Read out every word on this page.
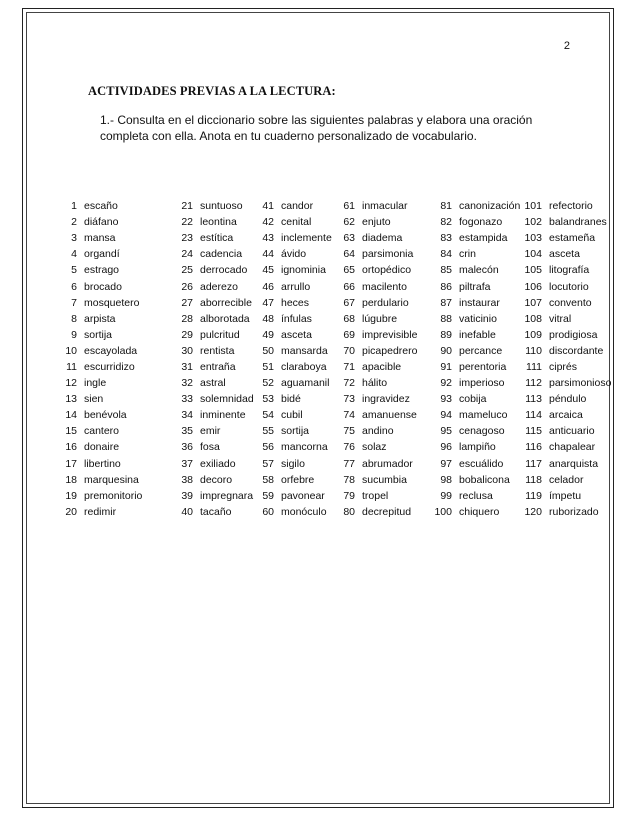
2
ACTIVIDADES PREVIAS A LA LECTURA:
1.- Consulta en el diccionario sobre las siguientes palabras y elabora una oración
completa con ella. Anota en tu cuaderno personalizado de vocabulario.
1	escaño	21	suntuoso	41	candor	61	inmacular	81	canonización	101	refectorio
2	diáfano	22	leontina	42	cenital	62	enjuto	82	fogonazo	102	balandranes
3	mansa	23	estítica	43	inclemente	63	diadema	83	estampida	103	estameña
4	organdí	24	cadencia	44	ávido	64	parsimonia	84	crin	104	asceta
5	estrago	25	derrocado	45	ignominia	65	ortopédico	85	malecón	105	litografía
6	brocado	26	aderezo	46	arrullo	66	macilento	86	piltrafa	106	locutorio
7	mosquetero	27	aborrecible	47	heces	67	perdulario	87	instaurar	107	convento
8	arpista	28	alborotada	48	ínfulas	68	lúgubre	88	vaticinio	108	vitral
9	sortija	29	pulcritud	49	asceta	69	imprevisible	89	inefable	109	prodigiosa
10	escayolada	30	rentista	50	mansarda	70	picapedrero	90	percance	110	discordante
11	escurridizo	31	entraña	51	claraboya	71	apacible	91	perentoria	111	ciprés
12	ingle	32	astral	52	aguamanil	72	hálito	92	imperioso	112	parsimonioso
13	sien	33	solemnidad	53	bidé	73	ingravidez	93	cobija	113	péndulo
14	benévola	34	inminente	54	cubil	74	amanuense	94	mameluco	114	arcaica
15	cantero	35	emir	55	sortija	75	andino	95	cenagoso	115	anticuario
16	donaire	36	fosa	56	mancorna	76	solaz	96	lampiño	116	chapalear
17	libertino	37	exiliado	57	sigilo	77	abrumador	97	escuálido	117	anarquista
18	marquesina	38	decoro	58	orfebre	78	sucumbia	98	bobalicona	118	celador
19	premonitorio	39	impregnara	59	pavonear	79	tropel	99	reclusa	119	ímpetu
20	redimir	40	tacaño	60	monóculo	80	decrepitud	100	chiquero	120	ruborizado
